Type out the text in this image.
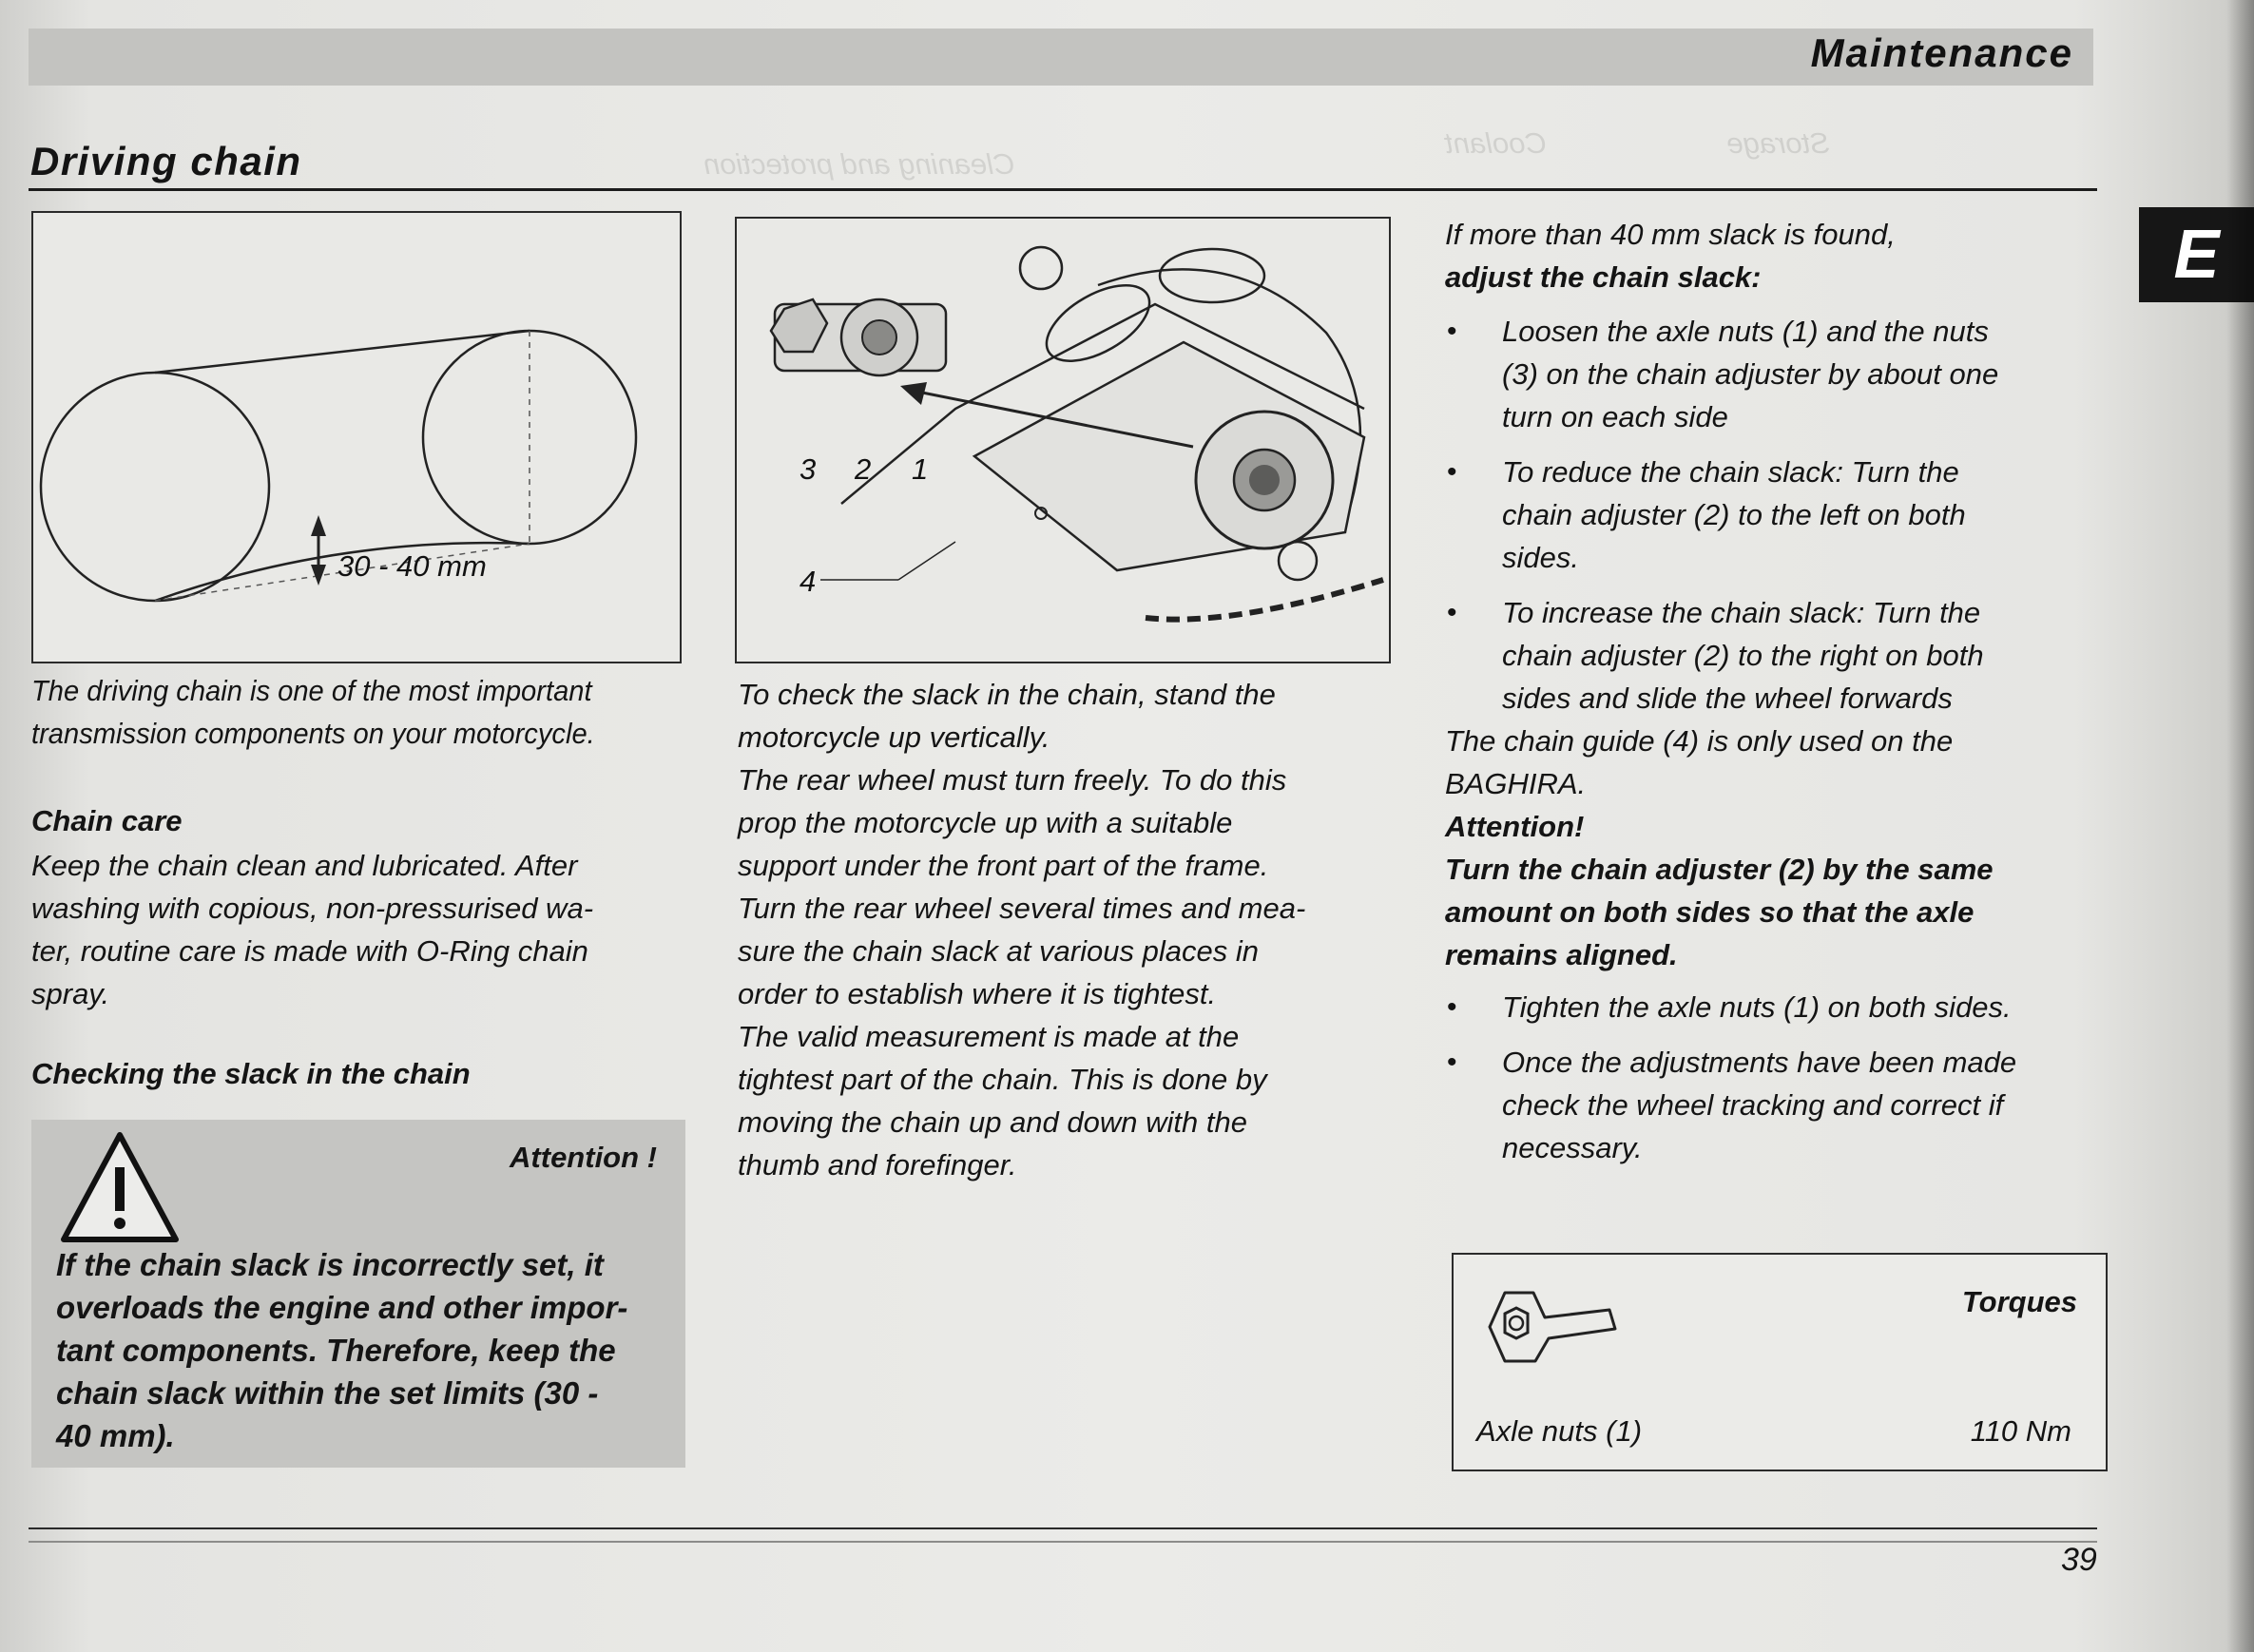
Storage                      Coolant
Cleaning and protection
Maintenance
Driving chain
E
30 - 40 mm
3 2 1
4

The driving chain is one of the most important

transmission components on your motorcycle.

Chain care

Keep the chain clean and lubricated. After

washing with copious, non-pressurised wa-

ter, routine care is made with O-Ring chain

spray.

Checking the slack in the chain
Attention !
If the chain slack is incorrectly set, it
overloads the engine and other impor-
tant components. Therefore, keep the
chain slack within the set limits (30 -
40 mm).

To check the slack in the chain, stand the

motorcycle up vertically.

The rear wheel must turn freely. To do this

prop the motorcycle up with a suitable

support under the front part of the frame.

Turn the rear wheel several times and mea-

sure the chain slack at various places in

order to establish where it is tightest.

The valid measurement is made at the

tightest part of the chain. This is done by

moving the chain up and down with the

thumb and forefinger.

If more than 40 mm slack is found,

adjust the chain slack:

• Loosen the axle nuts (1) and the nuts
(3) on the chain adjuster by about one
turn on each side
• To reduce the chain slack: Turn the
chain adjuster (2) to the left on both
sides.
• To increase the chain slack: Turn the
chain adjuster (2) to the right on both
sides and slide the wheel forwards
The chain guide (4) is only used on the
BAGHIRA.
Attention!
Turn the chain adjuster (2) by the same
amount on both sides so that the axle
remains aligned.
• Tighten the axle nuts (1) on both sides.
• Once the adjustments have been made
check the wheel tracking and correct if
necessary.
Torques
Axle nuts (1)	110 Nm
39
